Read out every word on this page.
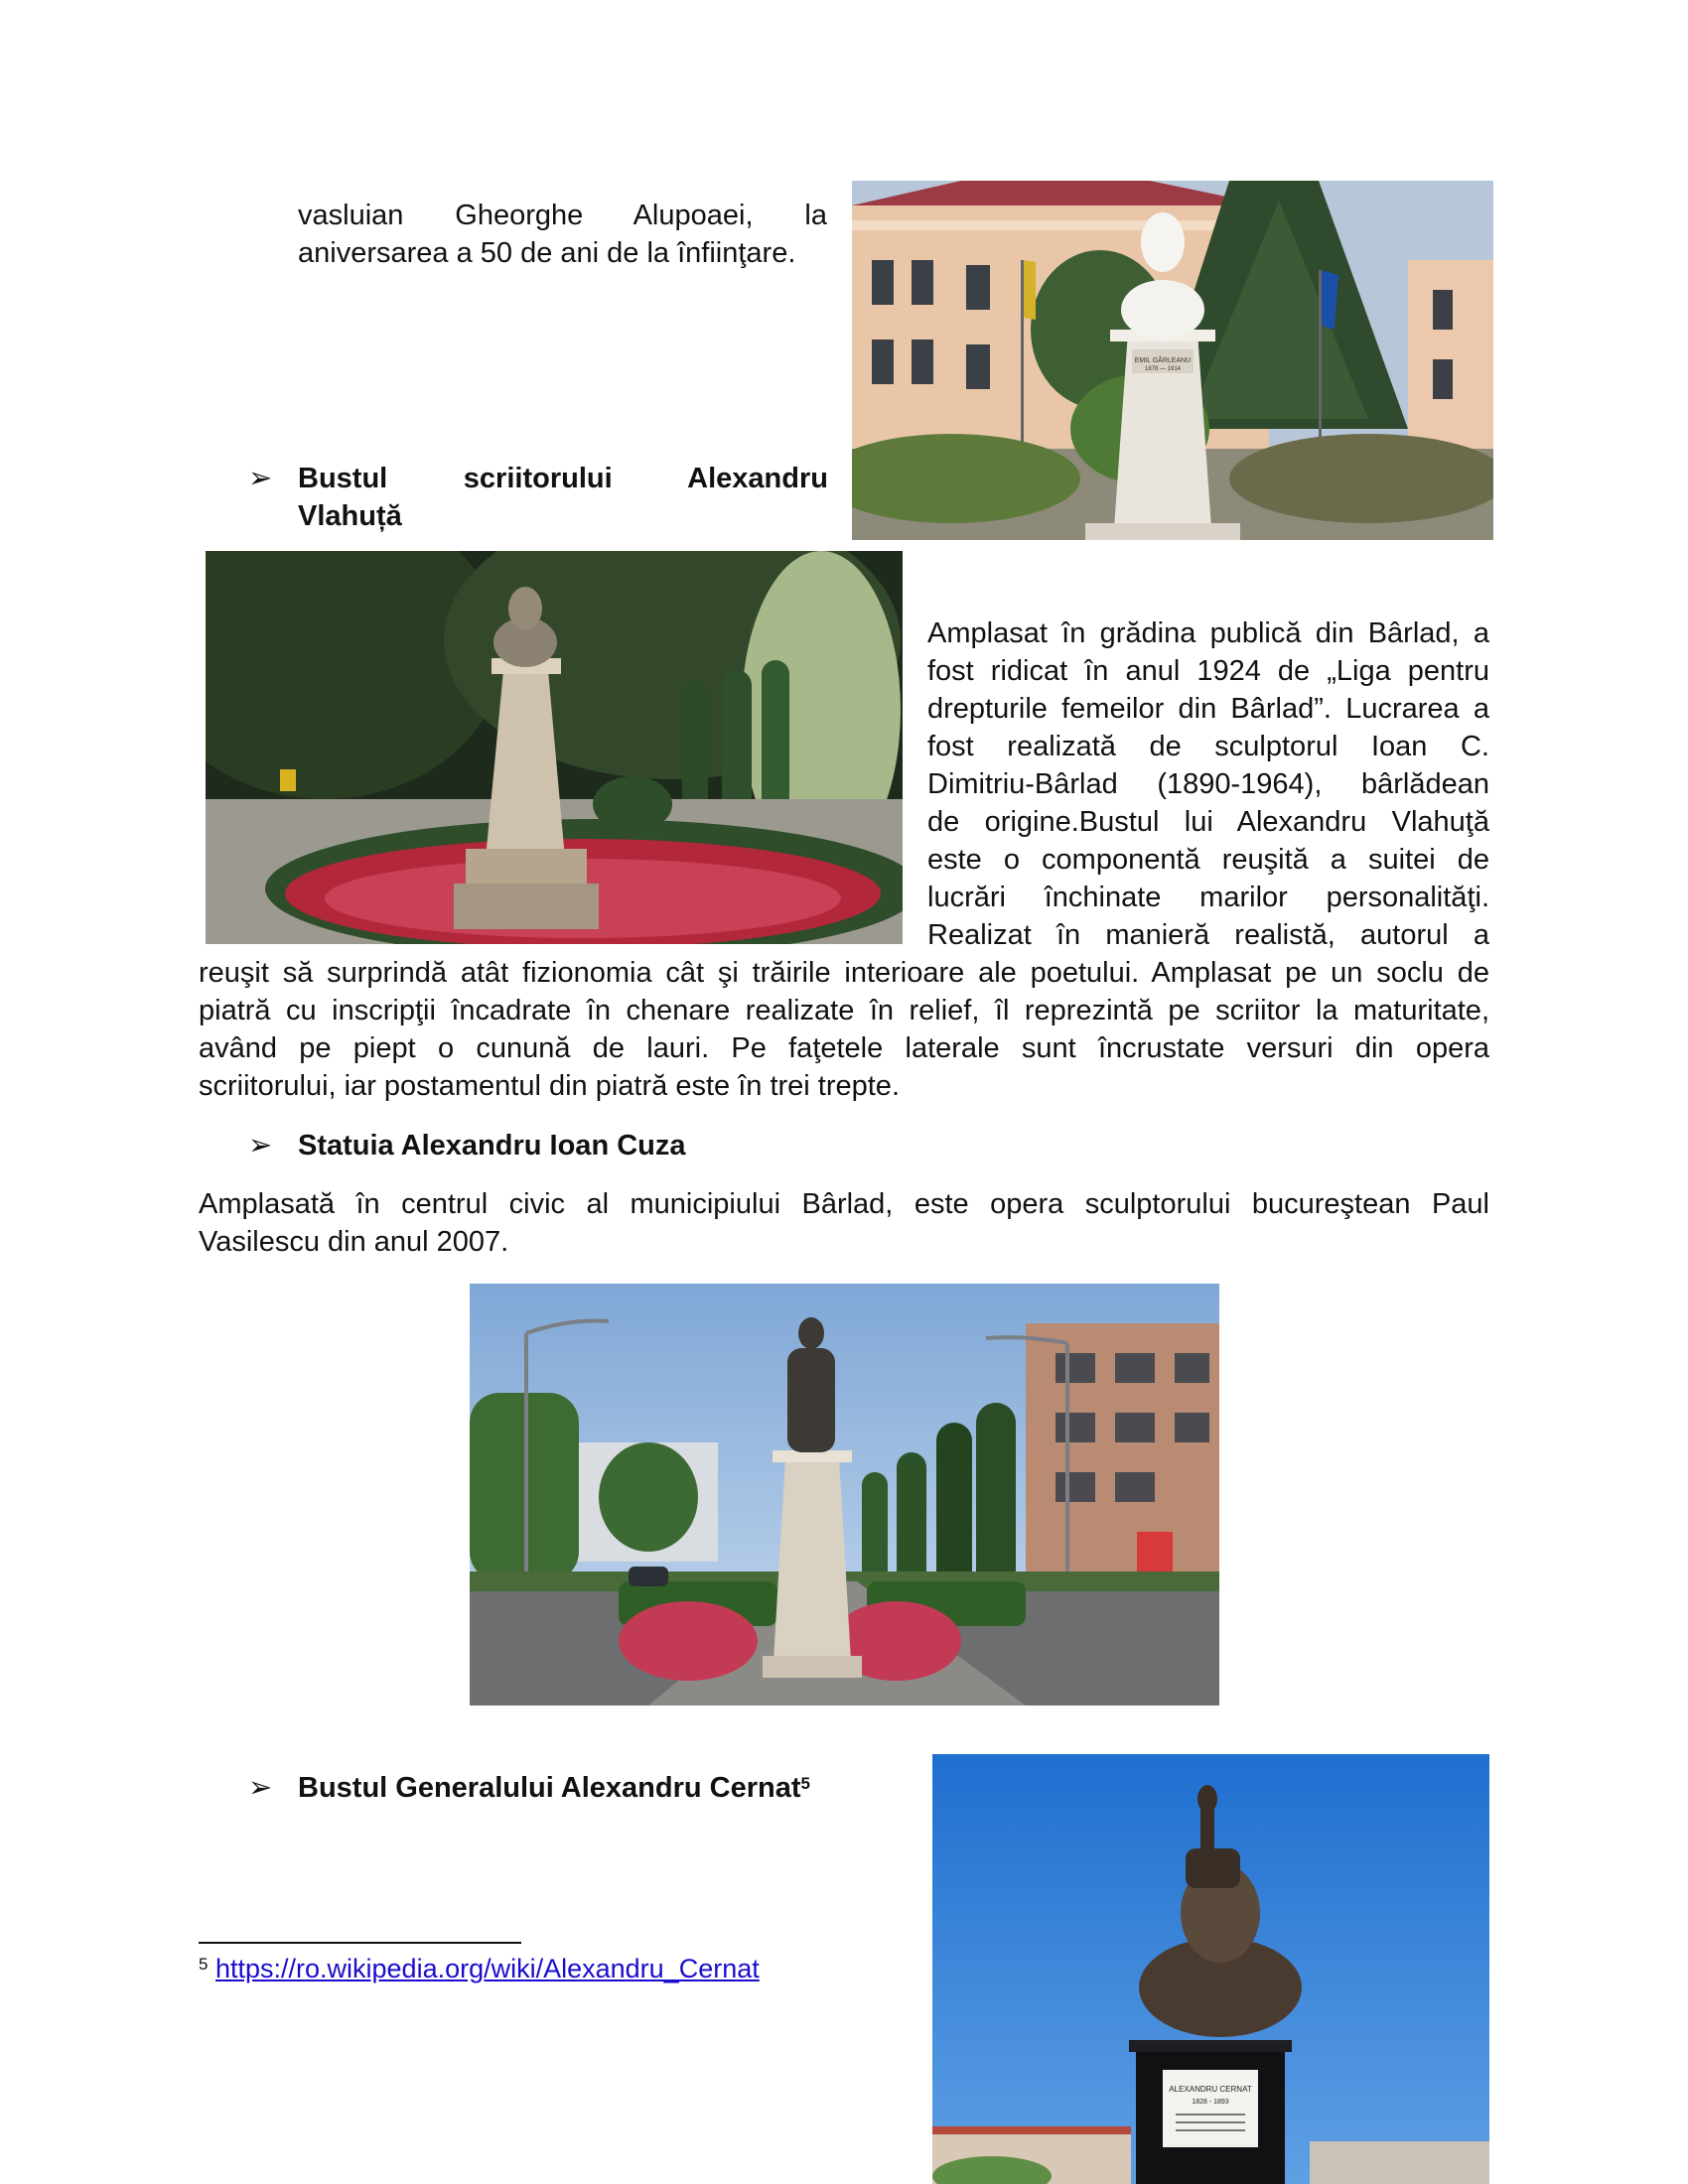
vasluian Gheorghe Alupoaei, la
aniversarea a 50 de ani de la înfiinţare.
EMIL GÂRLEANU
1878 — 1914
➢ Bustul scriitorului Alexandru
Vlahuță
Amplasat în grădina publică din Bârlad, a
fost ridicat în anul 1924 de „Liga pentru
drepturile femeilor din Bârlad”. Lucrarea a
fost realizată de sculptorul Ioan C.
Dimitriu-Bârlad (1890-1964), bârlădean
de origine.Bustul lui Alexandru Vlahuţă
este o componentă reuşită a suitei de
lucrări închinate marilor personalităţi.
Realizat în manieră realistă, autorul a
reuşit să surprindă atât fizionomia cât şi trăirile interioare ale poetului. Amplasat pe un soclu de
piatră cu inscripţii încadrate în chenare realizate în relief, îl reprezintă pe scriitor la maturitate,
având pe piept o cunună de lauri. Pe faţetele laterale sunt încrustate versuri din opera
scriitorului, iar postamentul din piatră este în trei trepte.
➢ Statuia Alexandru Ioan Cuza
Amplasată în centrul civic al municipiului Bârlad, este opera sculptorului bucureştean Paul
Vasilescu din anul 2007.
➢ Bustul Generalului Alexandru Cernat$^5$
ALEXANDRU CERNAT
1828 - 1893
$^5$ https://ro.wikipedia.org/wiki/Alexandru_Cernat
